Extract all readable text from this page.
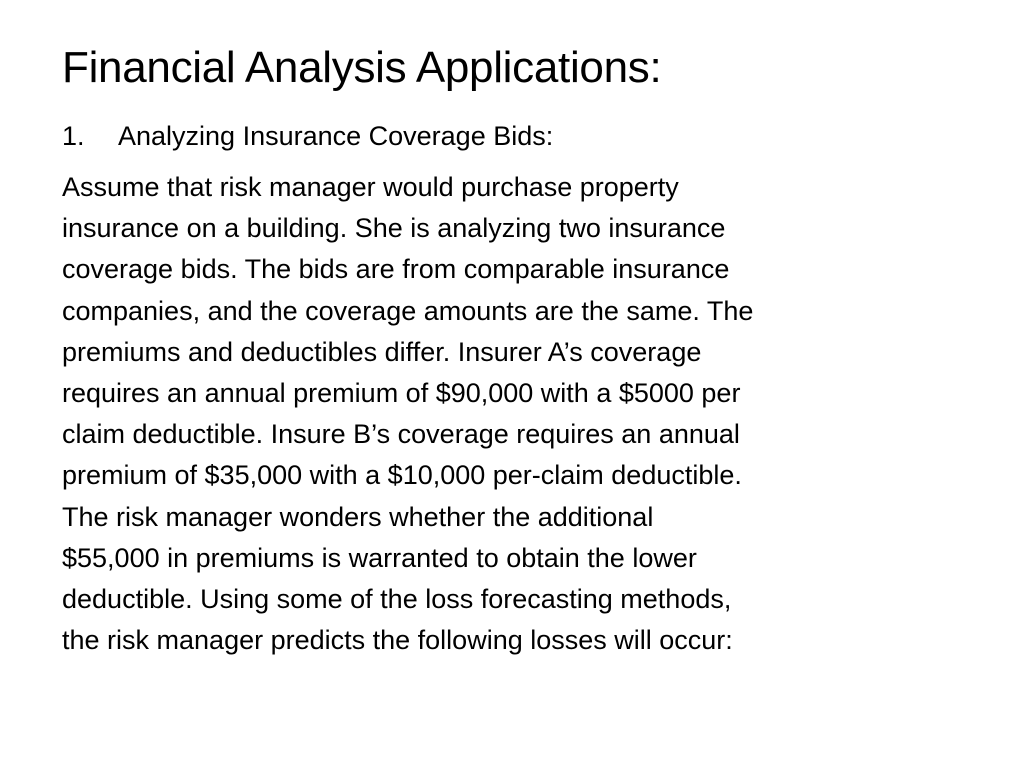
Financial Analysis Applications:
1. Analyzing Insurance Coverage Bids:
Assume that risk manager would purchase property
insurance on a building. She is analyzing two insurance
coverage bids. The bids are from comparable insurance
companies, and the coverage amounts are the same. The
premiums and deductibles differ. Insurer A’s coverage
requires an annual premium of $90,000 with a $5000 per
claim deductible. Insure B’s coverage requires an annual
premium of $35,000 with a $10,000 per-claim deductible.
The risk manager wonders whether the additional
$55,000 in premiums is warranted to obtain the lower
deductible. Using some of the loss forecasting methods,
the risk manager predicts the following losses will occur:
